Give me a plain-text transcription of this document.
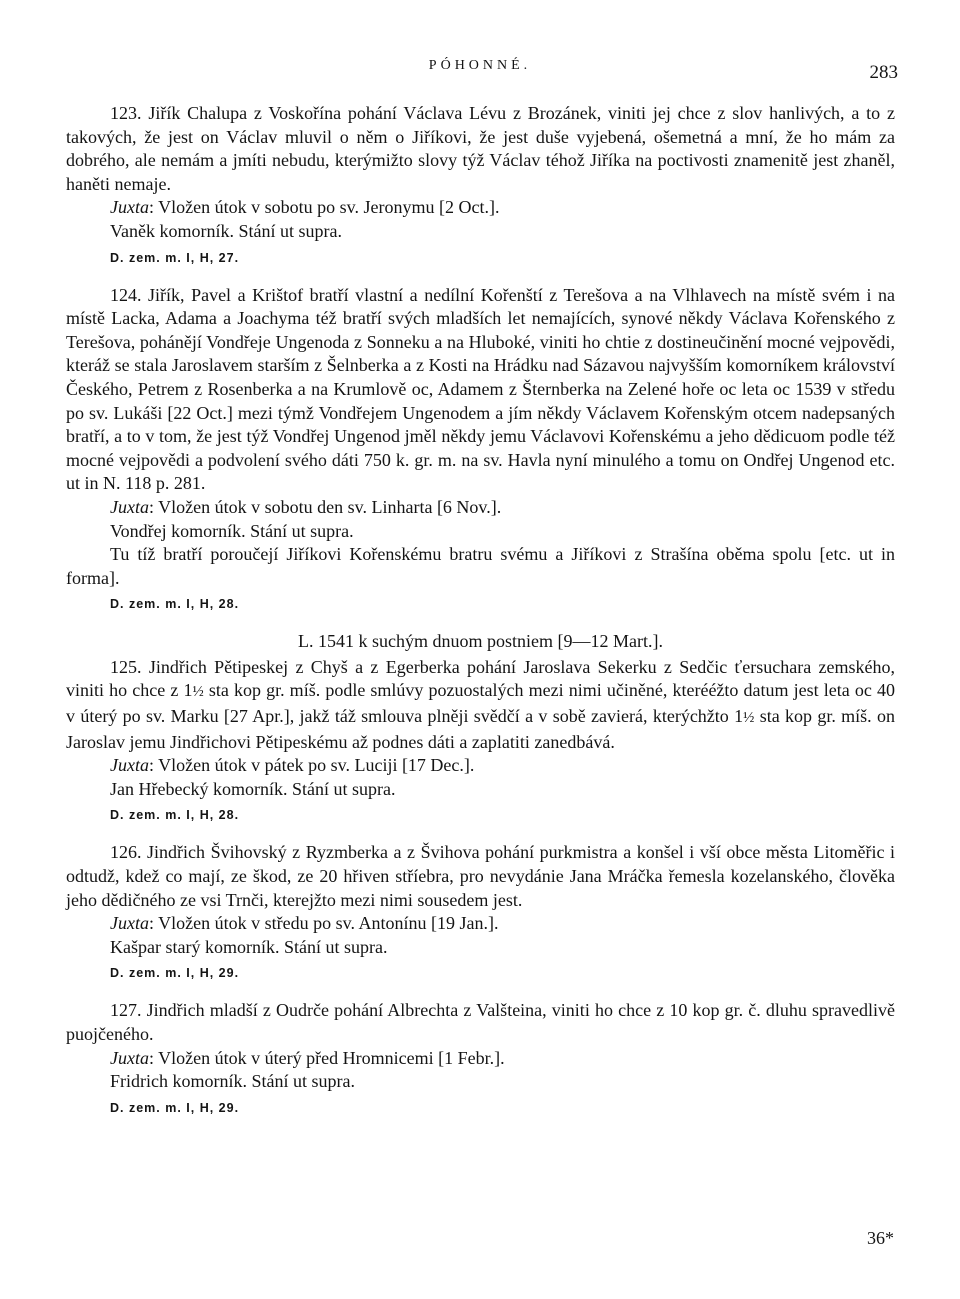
PÓHONNÉ.	283

123. Jiřík Chalupa z Voskořína pohání Václava Lévu z Brozánek, viniti jej chce z slov hanlivých, a to z takových, že jest on Václav mluvil o něm o Jiříkovi, že jest duše vyjebená, ošemetná a mní, že ho mám za dobrého, ale nemám a jmíti nebudu, kterýmižto slovy týž Václav téhož Jiříka na poctivosti znamenitě jest zhaněl, haněti nemaje.

Juxta: Vložen útok v sobotu po sv. Jeronymu [2 Oct.].

Vaněk komorník. Stání ut supra.

D. zem. m. I, H, 27.

124. Jiřík, Pavel a Krištof bratří vlastní a nedílní Kořenští z Terešova a na Vlhlavech na místě svém i na místě Lacka, Adama a Joachyma též bratří svých mladších let nemajících, synové někdy Václava Kořenského z Terešova, pohánějí Vondřeje Ungenoda z Sonneku a na Hluboké, viniti ho chtie z dostineučinění mocné vejpovědi, kteráž se stala Jaroslavem starším z Šelnberka a z Kosti na Hrádku nad Sázavou najvyšším komorníkem království Českého, Petrem z Rosenberka a na Krumlově oc, Adamem z Šternberka na Zelené hoře oc leta oc 1539 v středu po sv. Lukáši [22 Oct.] mezi týmž Vondřejem Ungenodem a jím někdy Václavem Kořenským otcem nadepsaných bratří, a to v tom, že jest týž Vondřej Ungenod jměl někdy jemu Václavovi Kořenskému a jeho dědicuom podle též mocné vejpovědi a podvolení svého dáti 750 k. gr. m. na sv. Havla nyní minulého a tomu on Ondřej Ungenod etc. ut in N. 118 p. 281.

Juxta: Vložen útok v sobotu den sv. Linharta [6 Nov.].

Vondřej komorník. Stání ut supra.

Tu tíž bratří poroučejí Jiříkovi Kořenskému bratru svému a Jiříkovi z Strašína oběma spolu [etc. ut in forma].

D. zem. m. I, H, 28.

L. 1541 k suchým dnuom postniem [9—12 Mart.].

125. Jindřich Pětipeskej z Chyš a z Egerberka pohání Jaroslava Sekerku z Sedčic ťersuchara zemského, viniti ho chce z 1½ sta kop gr. míš. podle smlúvy pozuostalých mezi nimi učiněné, kterééžto datum jest leta oc 40 v úterý po sv. Marku [27 Apr.], jakž táž smlouva plněji svědčí a v sobě zavierá, kterýchžto 1½ sta kop gr. míš. on Jaroslav jemu Jindřichovi Pětipeskému až podnes dáti a zaplatiti zanedbává.

Juxta: Vložen útok v pátek po sv. Luciji [17 Dec.].

Jan Hřebecký komorník. Stání ut supra.

D. zem. m. I, H, 28.

126. Jindřich Švihovský z Ryzmberka a z Švihova pohání purkmistra a konšel i vší obce města Litoměřic i odtudž, kdež co mají, ze škod, ze 20 hřiven stříebra, pro nevydánie Jana Mráčka řemesla kozelanského, člověka jeho dědičného ze vsi Trnči, kterejžto mezi nimi sousedem jest.

Juxta: Vložen útok v středu po sv. Antonínu [19 Jan.].

Kašpar starý komorník. Stání ut supra.

D. zem. m. I, H, 29.

127. Jindřich mladší z Oudrče pohání Albrechta z Valšteina, viniti ho chce z 10 kop gr. č. dluhu spravedlivě puojčeného.

Juxta: Vložen útok v úterý před Hromnicemi [1 Febr.].

Fridrich komorník. Stání ut supra.

D. zem. m. I, H, 29.

36*
